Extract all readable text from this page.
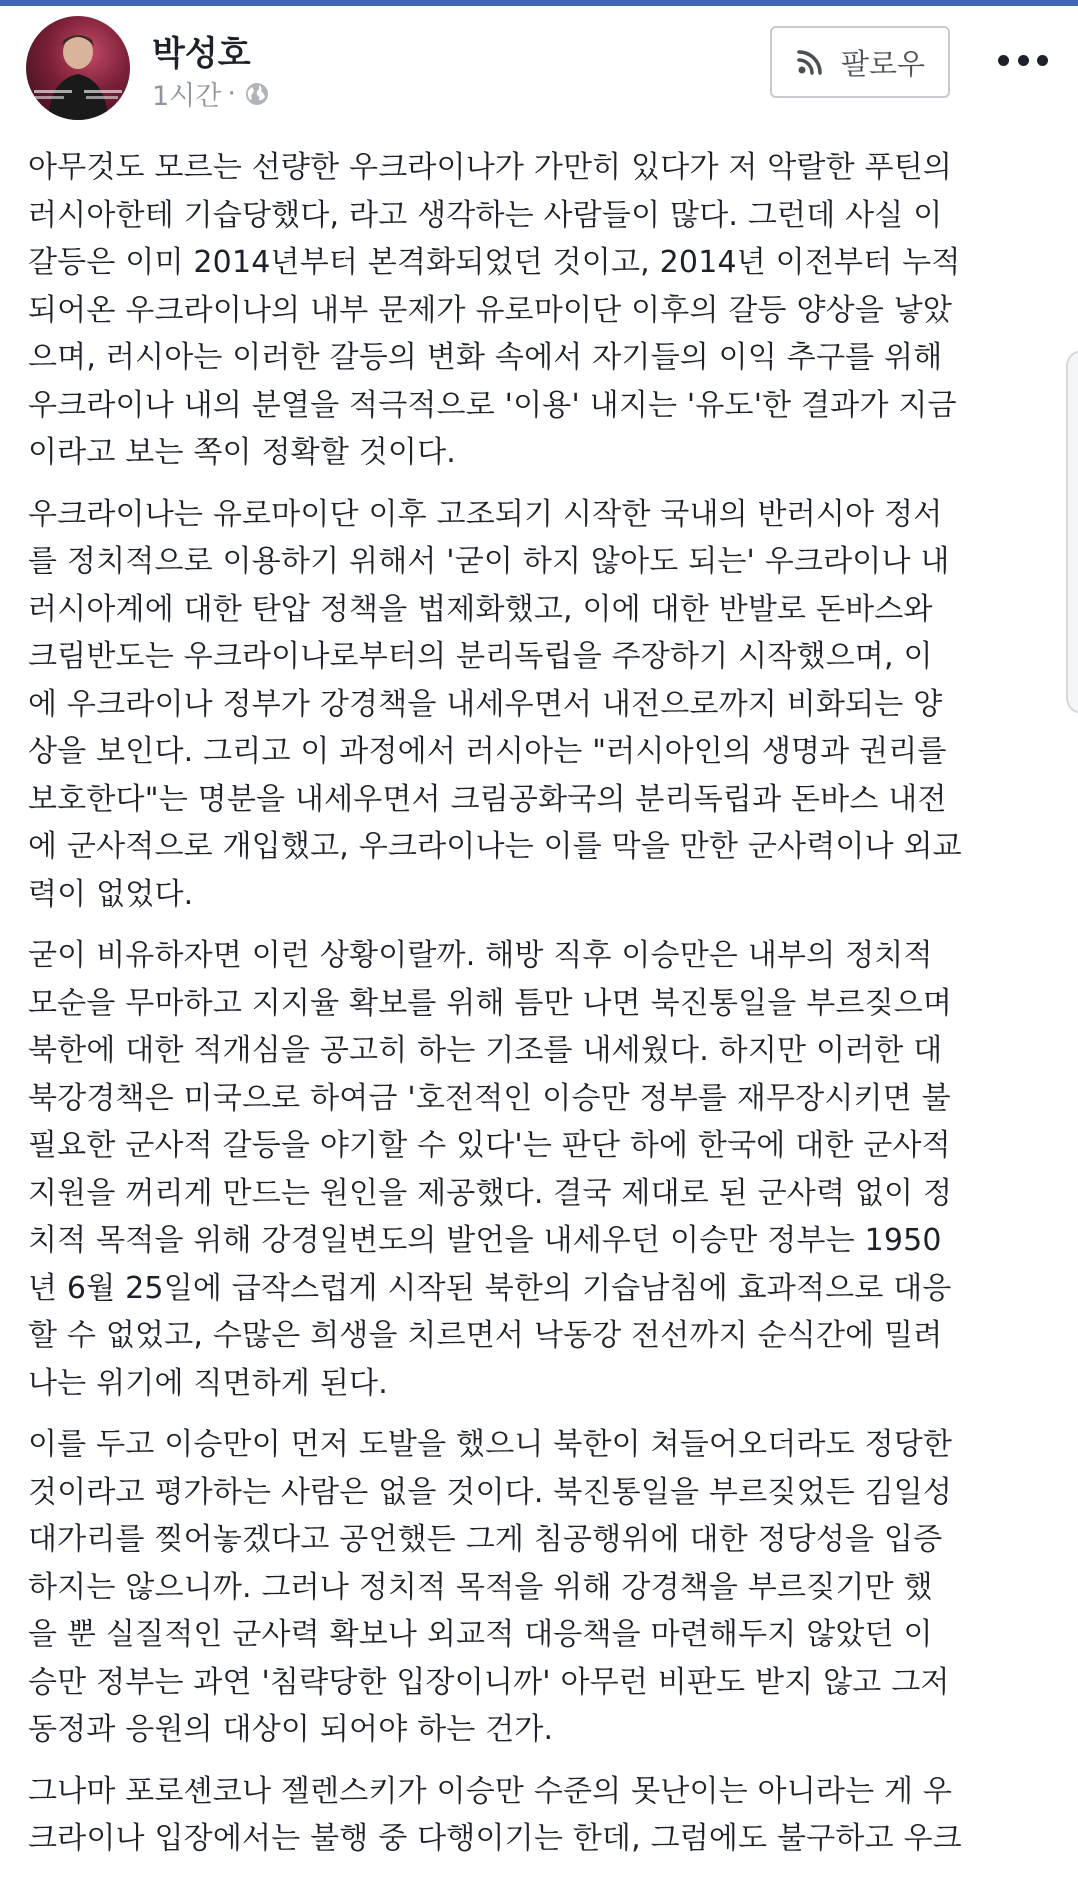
박성호
1시간 ·
팔로우

아무것도 모르는 선량한 우크라이나가 가만히 있다가 저 악랄한 푸틴의
러시아한테 기습당했다, 라고 생각하는 사람들이 많다. 그런데 사실 이
갈등은 이미 2014년부터 본격화되었던 것이고, 2014년 이전부터 누적
되어온 우크라이나의 내부 문제가 유로마이단 이후의 갈등 양상을 낳았
으며, 러시아는 이러한 갈등의 변화 속에서 자기들의 이익 추구를 위해
우크라이나 내의 분열을 적극적으로 '이용' 내지는 '유도'한 결과가 지금
이라고 보는 쪽이 정확할 것이다.

우크라이나는 유로마이단 이후 고조되기 시작한 국내의 반러시아 정서
를 정치적으로 이용하기 위해서 '굳이 하지 않아도 되는' 우크라이나 내
러시아계에 대한 탄압 정책을 법제화했고, 이에 대한 반발로 돈바스와
크림반도는 우크라이나로부터의 분리독립을 주장하기 시작했으며, 이
에 우크라이나 정부가 강경책을 내세우면서 내전으로까지 비화되는 양
상을 보인다. 그리고 이 과정에서 러시아는 "러시아인의 생명과 권리를
보호한다"는 명분을 내세우면서 크림공화국의 분리독립과 돈바스 내전
에 군사적으로 개입했고, 우크라이나는 이를 막을 만한 군사력이나 외교
력이 없었다.

굳이 비유하자면 이런 상황이랄까. 해방 직후 이승만은 내부의 정치적
모순을 무마하고 지지율 확보를 위해 틈만 나면 북진통일을 부르짖으며
북한에 대한 적개심을 공고히 하는 기조를 내세웠다. 하지만 이러한 대
북강경책은 미국으로 하여금 '호전적인 이승만 정부를 재무장시키면 불
필요한 군사적 갈등을 야기할 수 있다'는 판단 하에 한국에 대한 군사적
지원을 꺼리게 만드는 원인을 제공했다. 결국 제대로 된 군사력 없이 정
치적 목적을 위해 강경일변도의 발언을 내세우던 이승만 정부는 1950
년 6월 25일에 급작스럽게 시작된 북한의 기습남침에 효과적으로 대응
할 수 없었고, 수많은 희생을 치르면서 낙동강 전선까지 순식간에 밀려
나는 위기에 직면하게 된다.

이를 두고 이승만이 먼저 도발을 했으니 북한이 쳐들어오더라도 정당한
것이라고 평가하는 사람은 없을 것이다. 북진통일을 부르짖었든 김일성
대가리를 찢어놓겠다고 공언했든 그게 침공행위에 대한 정당성을 입증
하지는 않으니까. 그러나 정치적 목적을 위해 강경책을 부르짖기만 했
을 뿐 실질적인 군사력 확보나 외교적 대응책을 마련해두지 않았던 이
승만 정부는 과연 '침략당한 입장이니까' 아무런 비판도 받지 않고 그저
동정과 응원의 대상이 되어야 하는 건가.

그나마 포로셴코나 젤렌스키가 이승만 수준의 못난이는 아니라는 게 우
크라이나 입장에서는 불행 중 다행이기는 한데, 그럼에도 불구하고 우크
